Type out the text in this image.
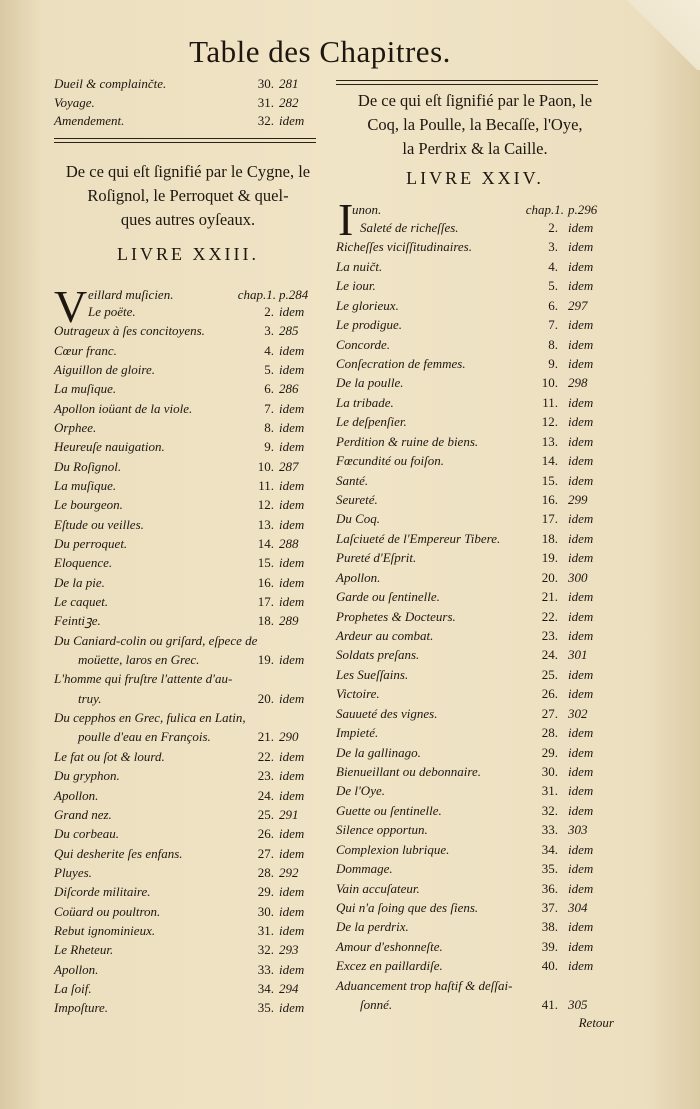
Table des Chapitres.
Dueil & complainčte.	30. 281
Voyage.	31. 282
Amendement.	32. idem
De ce qui eſt ſignifié par le Cygne, le
Roſignol, le Perroquet & quel-
ques autres oyſeaux.
LIVRE XXIII.
V eillard muſicien.	chap.1. p.284
Le poëte.	2. idem
Outrageux à ſes concitoyens.	3. 285
Cœur franc.	4. idem
Aiguillon de gloire.	5. idem
La muſique.	6. 286
Apollon ioüant de la viole.	7. idem
Orphee.	8. idem
Heureuſe nauigation.	9. idem
Du Roſignol.	10. 287
La muſique.	11. idem
Le bourgeon.	12. idem
Eſtude ou veilles.	13. idem
Du perroquet.	14. 288
Eloquence.	15. idem
De la pie.	16. idem
Le caquet.	17. idem
Feintiꝫe.	18. 289
Du Caniard-colin ou griſard, eſpece de
moüette, laros en Grec.	19. idem
L'homme qui fruſtre l'attente d'au-
truy.	20. idem
Du cepphos en Grec, fulica en Latin,
poulle d'eau en François.	21. 290
Le fat ou ſot & lourd.	22. idem
Du gryphon.	23. idem
Apollon.	24. idem
Grand nez.	25. 291
Du corbeau.	26. idem
Qui desherite ſes enfans.	27. idem
Pluyes.	28. 292
Diſcorde militaire.	29. idem
Coüard ou poultron.	30. idem
Rebut ignominieux.	31. idem
Le Rheteur.	32. 293
Apollon.	33. idem
La ſoif.	34. 294
Impoſture.	35. idem
De ce qui eſt ſignifié par le Paon, le
Coq, la Poulle, la Becaſſe, l'Oye,
la Perdrix & la Caille.
LIVRE XXIV.
I
unon.	chap.1. p.296
Saleté de richeſſes.	2. idem
Richeſſes viciſſitudinaires.	3. idem
La nuičt.	4. idem
Le iour.	5. idem
Le glorieux.	6. 297
Le prodigue.	7. idem
Concorde.	8. idem
Conſecration de femmes.	9. idem
De la poulle.	10. 298
La tribade.	11. idem
Le deſpenſier.	12. idem
Perdition & ruine de biens.	13. idem
Fœcundité ou foiſon.	14. idem
Santé.	15. idem
Seureté.	16. 299
Du Coq.	17. idem
Laſciueté de l'Empereur Tibere.	18. idem
Pureté d'Eſprit.	19. idem
Apollon.	20. 300
Garde ou ſentinelle.	21. idem
Prophetes & Docteurs.	22. idem
Ardeur au combat.	23. idem
Soldats preſans.	24. 301
Les Sueſſains.	25. idem
Victoire.	26. idem
Sauueté des vignes.	27. 302
Impieté.	28. idem
De la gallinago.	29. idem
Bienueillant ou debonnaire.	30. idem
De l'Oye.	31. idem
Guette ou ſentinelle.	32. idem
Silence opportun.	33. 303
Complexion lubrique.	34. idem
Dommage.	35. idem
Vain accuſateur.	36. idem
Qui n'a ſoing que des ſiens.	37. 304
De la perdrix.	38. idem
Amour d'eshonneſte.	39. idem
Excez en paillardiſe.	40. idem
Aduancement trop haſtif & deſſai-
ſonné.	41. 305
Retour
